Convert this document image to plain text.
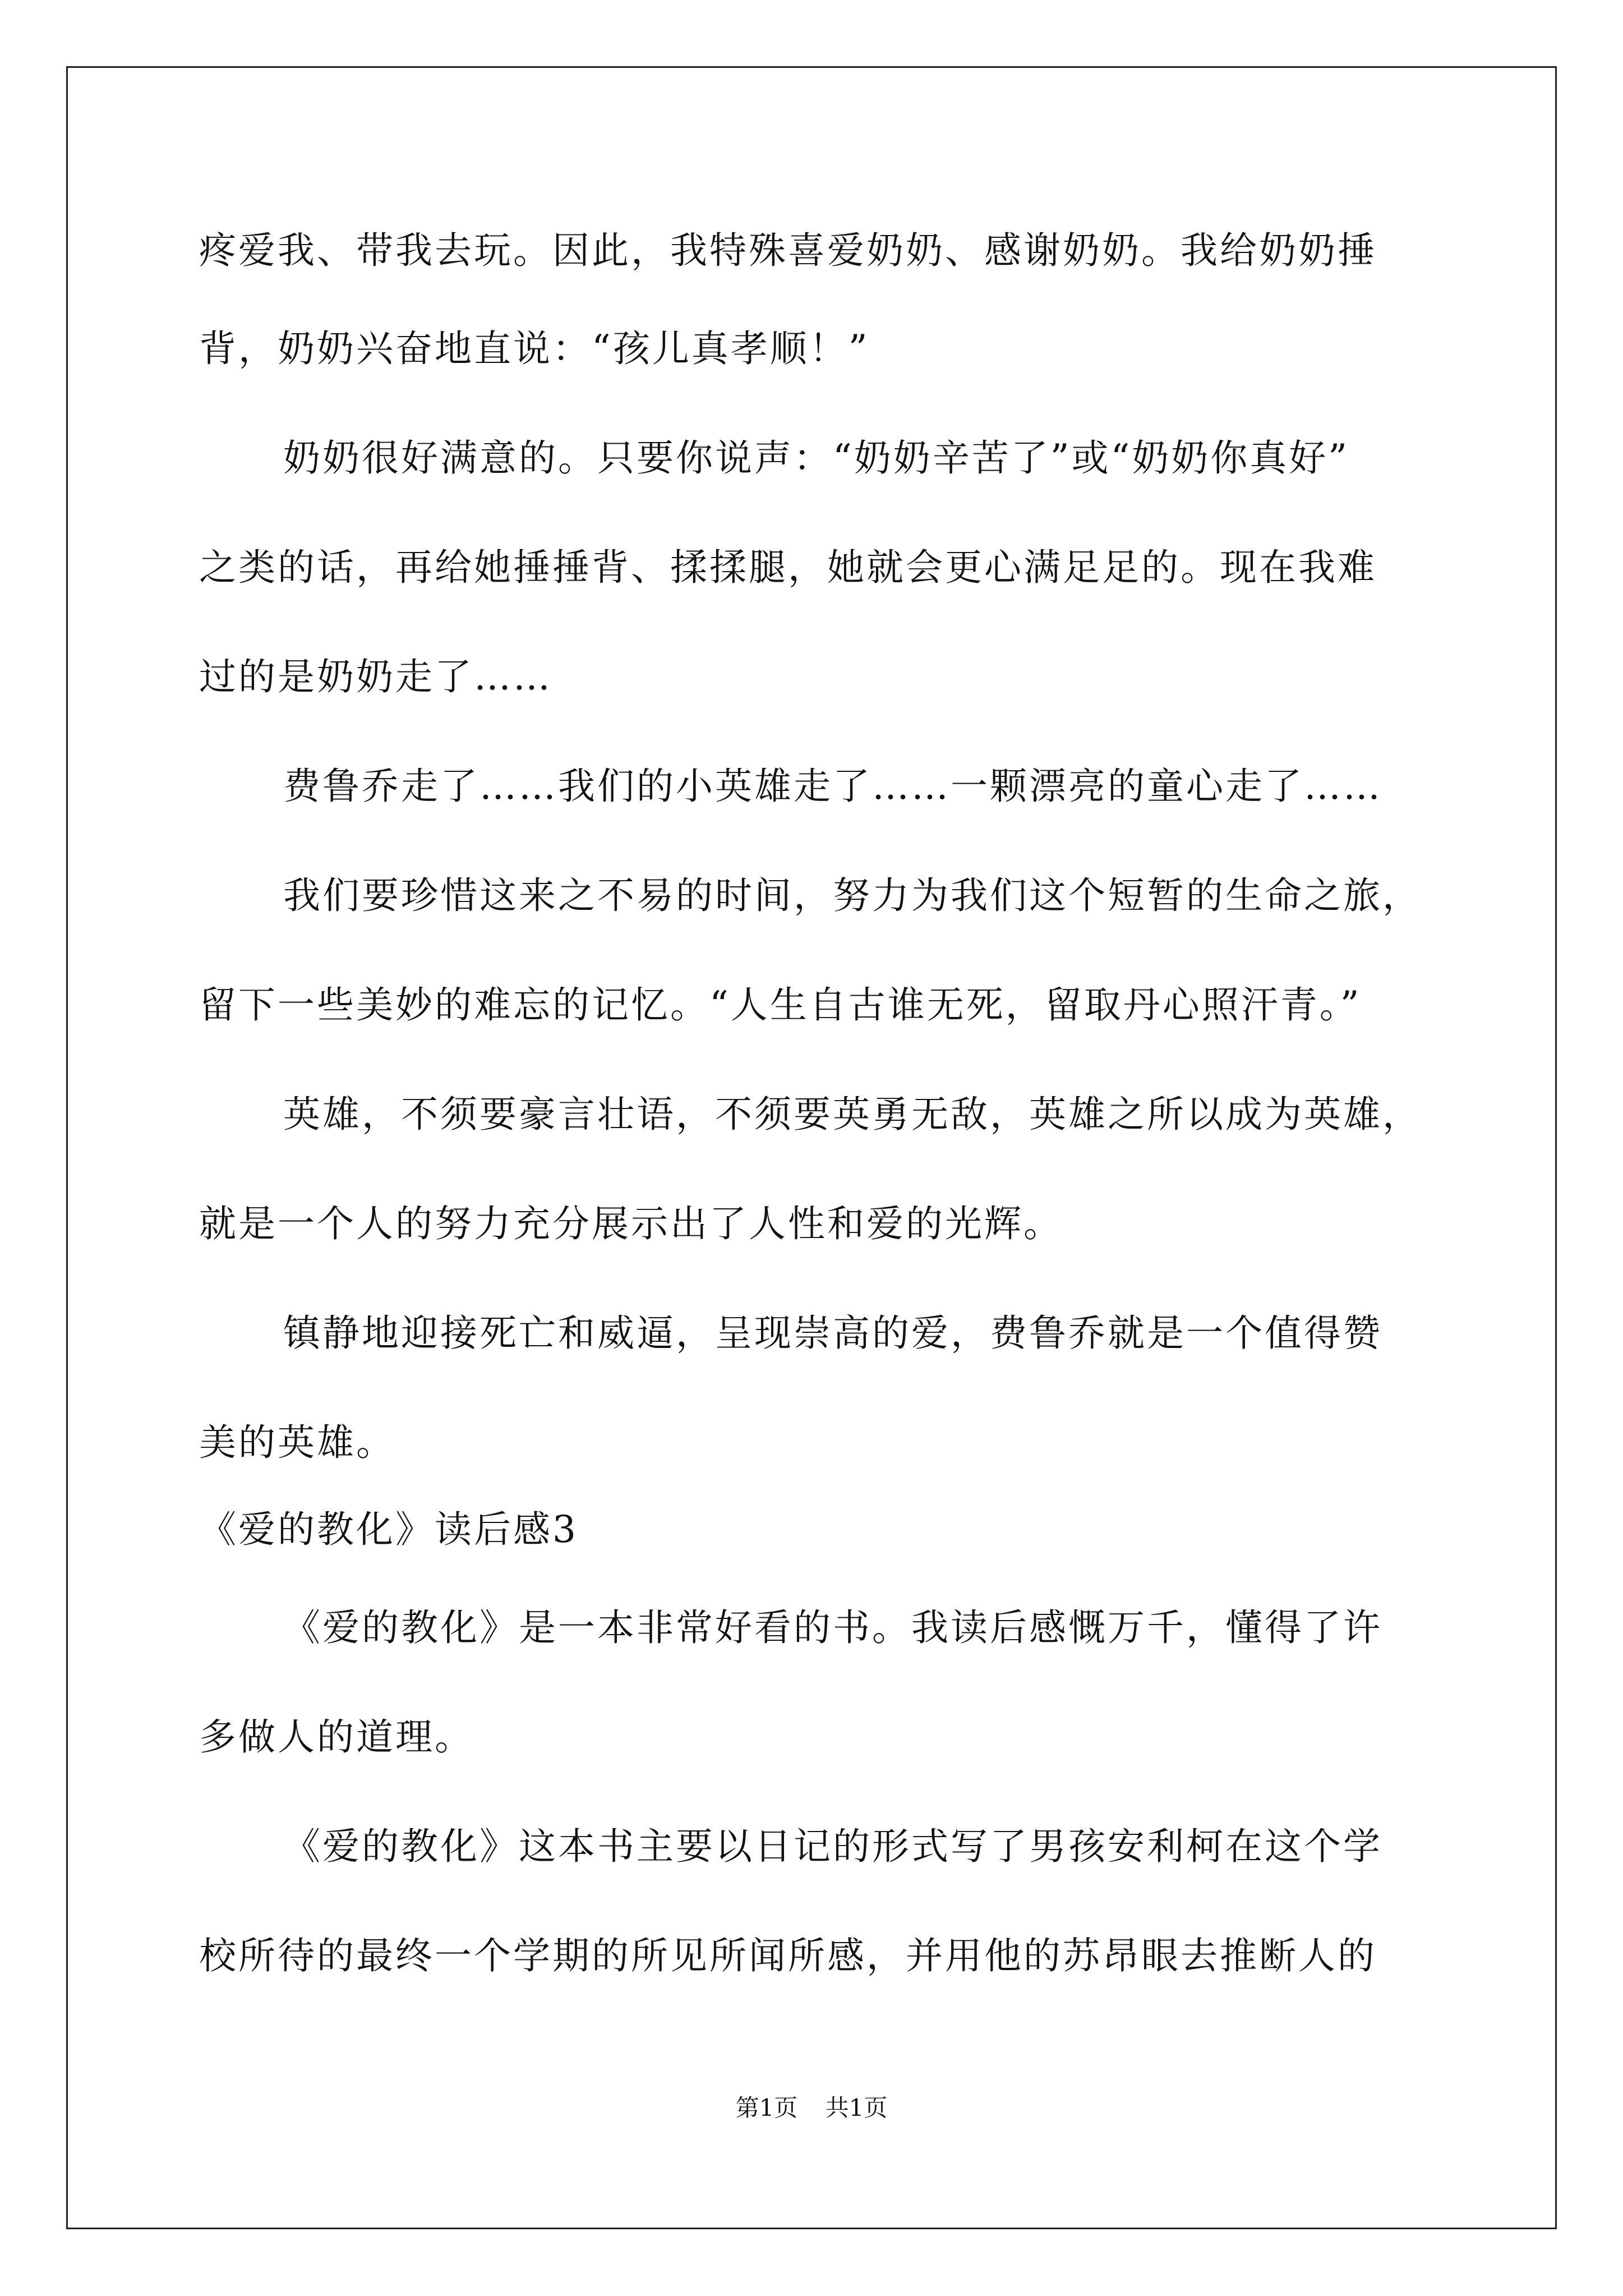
疼爱我、带我去玩。因此，我特殊喜爱奶奶、感谢奶奶。我给奶奶捶
背，奶奶兴奋地直说：“孩儿真孝顺！”
奶奶很好满意的。只要你说声：“奶奶辛苦了”或“奶奶你真好”
之类的话，再给她捶捶背、揉揉腿，她就会更心满足足的。现在我难
过的是奶奶走了……
费鲁乔走了……我们的小英雄走了……一颗漂亮的童心走了……
我们要珍惜这来之不易的时间，努力为我们这个短暂的生命之旅，
留下一些美妙的难忘的记忆。“人生自古谁无死，留取丹心照汗青。”
英雄，不须要豪言壮语，不须要英勇无敌，英雄之所以成为英雄，
就是一个人的努力充分展示出了人性和爱的光辉。
镇静地迎接死亡和威逼，呈现崇高的爱，费鲁乔就是一个值得赞
美的英雄。
《爱的教化》读后感3
《爱的教化》是一本非常好看的书。我读后感慨万千，懂得了许
多做人的道理。
《爱的教化》这本书主要以日记的形式写了男孩安利柯在这个学
校所待的最终一个学期的所见所闻所感，并用他的苏昂眼去推断人的
第1页 共1页
